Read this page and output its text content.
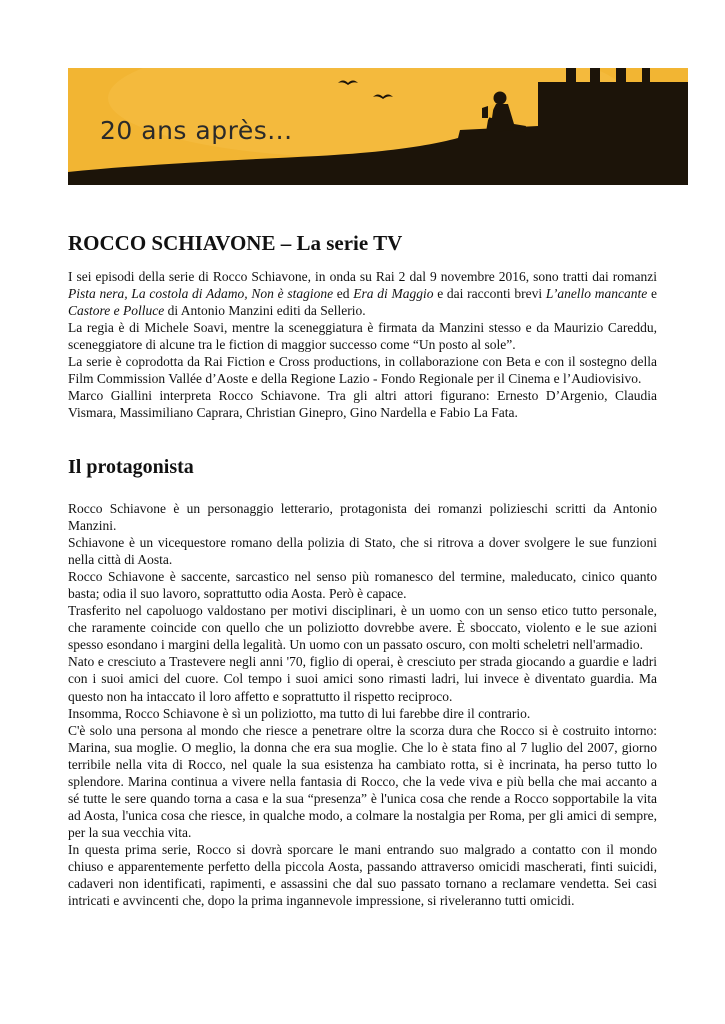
20 ans après...
ROCCO SCHIAVONE – La serie TV

I sei episodi della serie di Rocco Schiavone, in onda su Rai 2 dal 9 novembre 2016, sono tratti dai romanzi Pista nera, La costola di Adamo, Non è stagione ed Era di Maggio e dai racconti brevi L’anello mancante e Castore e Polluce di Antonio Manzini editi da Sellerio.

La regia è di Michele Soavi, mentre la sceneggiatura è firmata da Manzini stesso e da Maurizio Careddu, sceneggiatore di alcune tra le fiction di maggior successo come “Un posto al sole”.

La serie è coprodotta da Rai Fiction e Cross productions, in collaborazione con Beta e con il sostegno della Film Commission Vallée d’Aoste e della Regione Lazio - Fondo Regionale per il Cinema e l’Audiovisivo.

Marco Giallini interpreta Rocco Schiavone. Tra gli altri attori figurano: Ernesto D’Argenio, Claudia Vismara, Massimiliano Caprara, Christian Ginepro, Gino Nardella e Fabio La Fata.

Il protagonista

Rocco Schiavone è un personaggio letterario, protagonista dei romanzi polizieschi scritti da Antonio Manzini.

Schiavone è un vicequestore romano della polizia di Stato, che si ritrova a dover svolgere le sue funzioni nella città di Aosta.

Rocco Schiavone è saccente, sarcastico nel senso più romanesco del termine, maleducato, cinico quanto basta; odia il suo lavoro, soprattutto odia Aosta. Però è capace.

Trasferito nel capoluogo valdostano per motivi disciplinari, è un uomo con un senso etico tutto personale, che raramente coincide con quello che un poliziotto dovrebbe avere. È sboccato, violento e le sue azioni spesso esondano i margini della legalità. Un uomo con un passato oscuro, con molti scheletri nell'armadio.

Nato e cresciuto a Trastevere negli anni '70, figlio di operai, è cresciuto per strada giocando a guardie e ladri con i suoi amici del cuore. Col tempo i suoi amici sono rimasti ladri, lui invece è diventato guardia. Ma questo non ha intaccato il loro affetto e soprattutto il rispetto reciproco.

Insomma, Rocco Schiavone è sì un poliziotto, ma tutto di lui farebbe dire il contrario.

C'è solo una persona al mondo che riesce a penetrare oltre la scorza dura che Rocco si è costruito intorno: Marina, sua moglie. O meglio, la donna che era sua moglie. Che lo è stata fino al 7 luglio del 2007, giorno terribile nella vita di Rocco, nel quale la sua esistenza ha cambiato rotta, si è incrinata, ha perso tutto lo splendore. Marina continua a vivere nella fantasia di Rocco, che la vede viva e più bella che mai accanto a sé tutte le sere quando torna a casa e la sua “presenza” è l'unica cosa che rende a Rocco sopportabile la vita ad Aosta, l'unica cosa che riesce, in qualche modo, a colmare la nostalgia per Roma, per gli amici di sempre, per la sua vecchia vita.

In questa prima serie, Rocco si dovrà sporcare le mani entrando suo malgrado a contatto con il mondo chiuso e apparentemente perfetto della piccola Aosta, passando attraverso omicidi mascherati, finti suicidi, cadaveri non identificati, rapimenti, e assassini che dal suo passato tornano a reclamare vendetta. Sei casi intricati e avvincenti che, dopo la prima ingannevole impressione, si riveleranno tutti omicidi.
